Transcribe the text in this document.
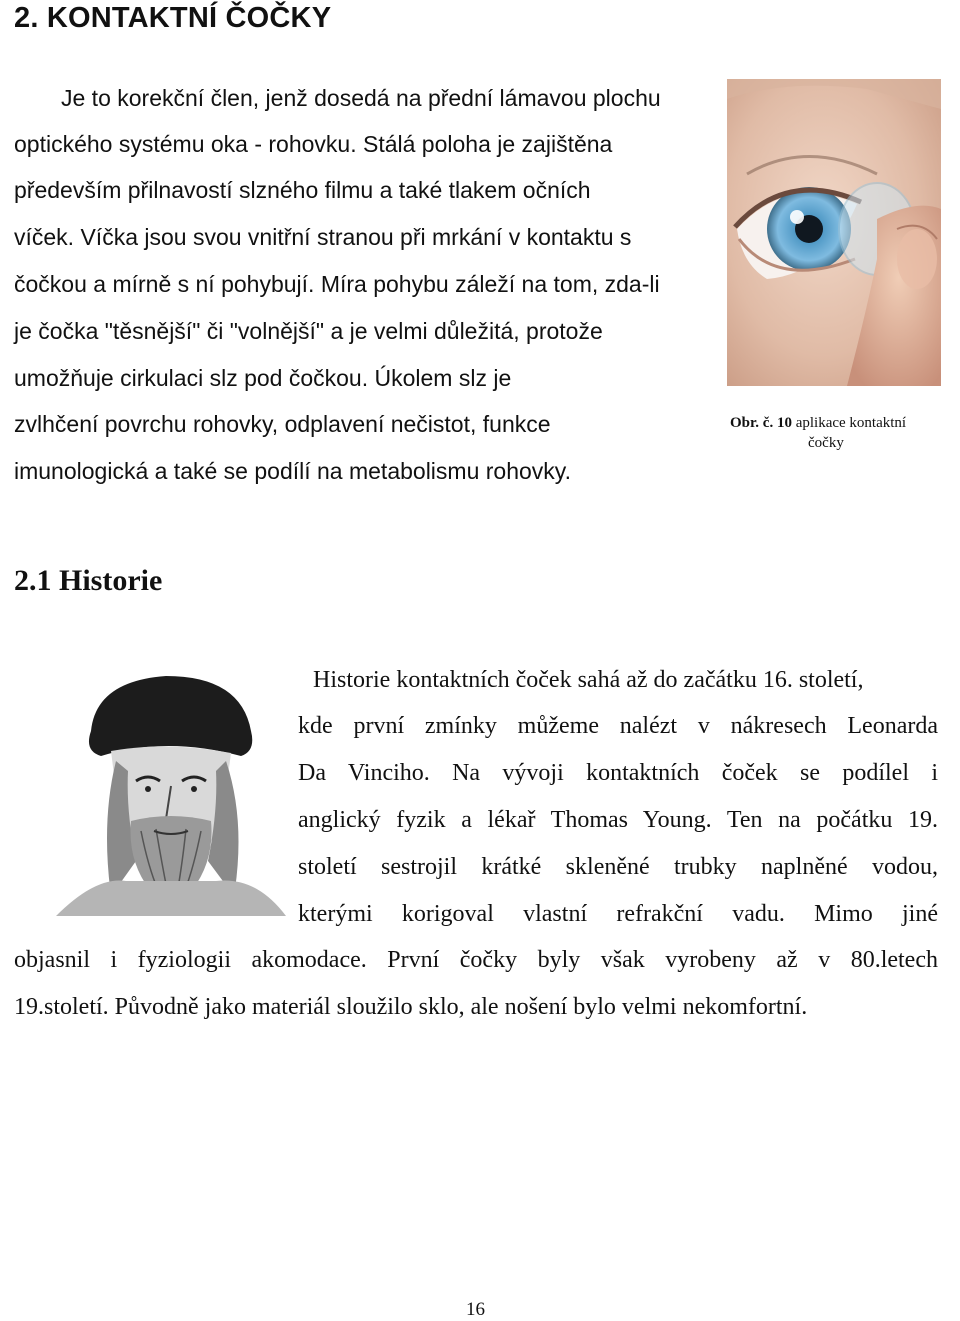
2. KONTAKTNÍ ČOČKY

Je to korekční člen, jenž dosedá na přední lámavou plochu

optického systému oka - rohovku. Stálá poloha je zajištěna

především přilnavostí slzného filmu a také tlakem očních

víček. Víčka jsou svou vnitřní stranou při mrkání v kontaktu s

čočkou a mírně s ní pohybují. Míra pohybu záleží na tom, zda-li

je čočka "těsnější" či "volnější" a je velmi důležitá, protože

umožňuje cirkulaci slz pod čočkou. Úkolem slz je

zvlhčení povrchu rohovky, odplavení nečistot, funkce

imunologická a také se podílí na metabolismu rohovky.

Obr. č. 10 aplikace kontaktní
čočky
2.1 Historie

Historie kontaktních čoček sahá až do začátku 16. století,

kde první zmínky můžeme nalézt v nákresech Leonarda

Da Vinciho. Na vývoji kontaktních čoček se podílel i

anglický fyzik a lékař Thomas Young. Ten na počátku 19.

století sestrojil krátké skleněné trubky naplněné vodou,

kterými korigoval vlastní refrakční vadu. Mimo jiné

objasnil i fyziologii akomodace. První čočky byly však vyrobeny až v 80.letech

19.století. Původně jako materiál sloužilo sklo, ale nošení bylo velmi nekomfortní.

16
